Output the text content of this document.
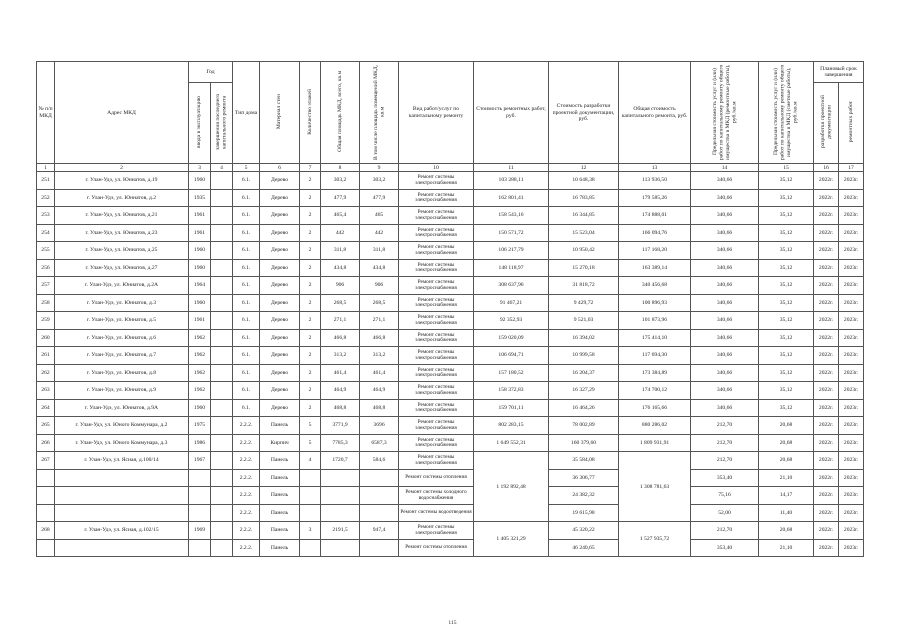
№ п/п МКД	Адрес МКД	Год		Тип дома	Материал стен	Количество этажей	Общая площадь МКД, всего, кв.м	В том числе площадь помещений МКД, кв.м	Вид работ/услуг по капитальному ремонту	Стоимость ремонтных работ, руб.	Стоимость разработки проектной документации, руб.	Общая стоимость капитального ремонта, руб.	Предельная стоимость услуг и (или) работ по капитальному ремонту общего имущества в МКД (ремонтные работы), руб./кв.м	Предельная стоимость услуг и (или) работ по капитальному ремонту общего имущества в МКД (сметные работы), руб./кв.м	Плановый срок завершения	
		ввода в эксплуатацию	завершения последнего капитального ремонта												разработки проектной документации	ремонтных работ
1	2	3	4	5	6	7	8	9	10	11	12	13	14	15	16	17
251	г. Улан-Удэ, ул. Юннатов, д.19	1960		6.1.	Дерево	2	303,2	303,2	Ремонт системы электроснабжения	103 288,11	10 648,38	113 936,50	340,66	35,12	2022г.	2023г.
252	г. Улан-Удэ, ул. Юннатов, д.2	1935		6.1.	Дерево	2	477,9	477,9	Ремонт системы электроснабжения	162 801,41	16 783,85	179 585,26	340,66	35,12	2022г.	2023г.
253	г. Улан-Удэ, ул. Юннатов, д.21	1961		6.1.	Дерево	2	465,4	465	Ремонт системы электроснабжения	158 543,16	16 344,85	174 888,01	340,66	35,12	2022г.	2023г.
254	г. Улан-Удэ, ул. Юннатов, д.23	1961		6.1.	Дерево	2	442	442	Ремонт системы электроснабжения	150 571,72	15 523,04	166 094,76	340,66	35,12	2022г.	2023г.
255	г. Улан-Удэ, ул. Юннатов, д.25	1960		6.1.	Дерево	2	311,8	311,8	Ремонт системы электроснабжения	106 217,79	10 950,42	117 168,20	340,66	35,12	2022г.	2023г.
256	г. Улан-Удэ, ул. Юннатов, д.27	1960		6.1.	Дерево	2	434,8	434,8	Ремонт системы электроснабжения	148 118,97	15 270,18	163 389,14	340,66	35,12	2022г.	2023г.
257	г. Улан-Удэ, ул. Юннатов, д.2А	1964		6.1.	Дерево	2	906	906	Ремонт системы электроснабжения	308 637,96	31 818,72	340 456,68	340,66	35,12	2022г.	2023г.
258	г. Улан-Удэ, ул. Юннатов, д.3	1960		6.1.	Дерево	2	268,5	268,5	Ремонт системы электроснабжения	91 467,21	9 429,72	100 896,93	340,66	35,12	2022г.	2023г.
259	г. Улан-Удэ, ул. Юннатов, д.5	1961		6.1.	Дерево	2	271,1	271,1	Ремонт системы электроснабжения	92 352,93	9 521,03	101 873,96	340,66	35,12	2022г.	2023г.
260	г. Улан-Удэ, ул. Юннатов, д.6	1962		6.1.	Дерево	2	466,8	466,8	Ремонт системы электроснабжения	159 020,09	16 394,02	175 414,10	340,66	35,12	2022г.	2023г.
261	г. Улан-Удэ, ул. Юннатов, д.7	1962		6.1.	Дерево	2	313,2	313,2	Ремонт системы электроснабжения	106 694,71	10 999,58	117 694,30	340,66	35,12	2022г.	2023г.
262	г. Улан-Удэ, ул. Юннатов, д.8	1962		6.1.	Дерево	2	461,4	461,4	Ремонт системы электроснабжения	157 180,52	16 204,37	173 384,89	340,66	35,12	2022г.	2023г.
263	г. Улан-Удэ, ул. Юннатов, д.9	1962		6.1.	Дерево	2	464,9	464,9	Ремонт системы электроснабжения	158 372,83	16 327,29	174 700,12	340,66	35,12	2022г.	2023г.
264	г. Улан-Удэ, ул. Юннатов, д.9А	1960		6.1.	Дерево	2	468,8	468,8	Ремонт системы электроснабжения	159 701,11	16 464,26	176 165,66	340,66	35,12	2022г.	2023г.
265	г. Улан-Удэ, ул. Юного Коммунара, д.2	1975		2.2.2.	Панель	5	3771,9	3696	Ремонт системы электроснабжения	802 283,15	78 002,89	880 286,02	212,70	20,68	2022г.	2023г.
266	г. Улан-Удэ, ул. Юного Коммунара, д.3	1986		2.2.2.	Кирпич	5	7785,3	6587,3	Ремонт системы электроснабжения	1 649 552,31	160 379,60	1 809 931,91	212,70	20,68	2022г.	2023г.
267	г. Улан-Удэ, ул. Ясная, д.100/14	1967		2.2.2.	Панель	4	1720,7	584,6	Ремонт системы электроснабжения	1 192 892,48	35 584,08	1 308 781,63	212,70	20,68	2022г.	2023г.
				2.2.2.	Панель				Ремонт системы отопления		36 306,77		353,40	21,10	2022г.	2023г.
				2.2.2.	Панель				Ремонт системы холодного водоснабжения		24 382,32		75,16	14,17	2022г.	2023г.
				2.2.2.	Панель				Ремонт системы водоотведения		19 615,98		52,00	11,40	2022г.	2023г.
268	г. Улан-Удэ, ул. Ясная, д.102/15	1969		2.2.2.	Панель	3	2191,5	947,4	Ремонт системы электроснабжения	1 405 321,29	45 320,22	1 527 935,72	212,70	20,68	2022г.	2023г.
				2.2.2.	Панель				Ремонт системы отопления		46 240,65		353,40	21,10	2022г.	2023г.
115
